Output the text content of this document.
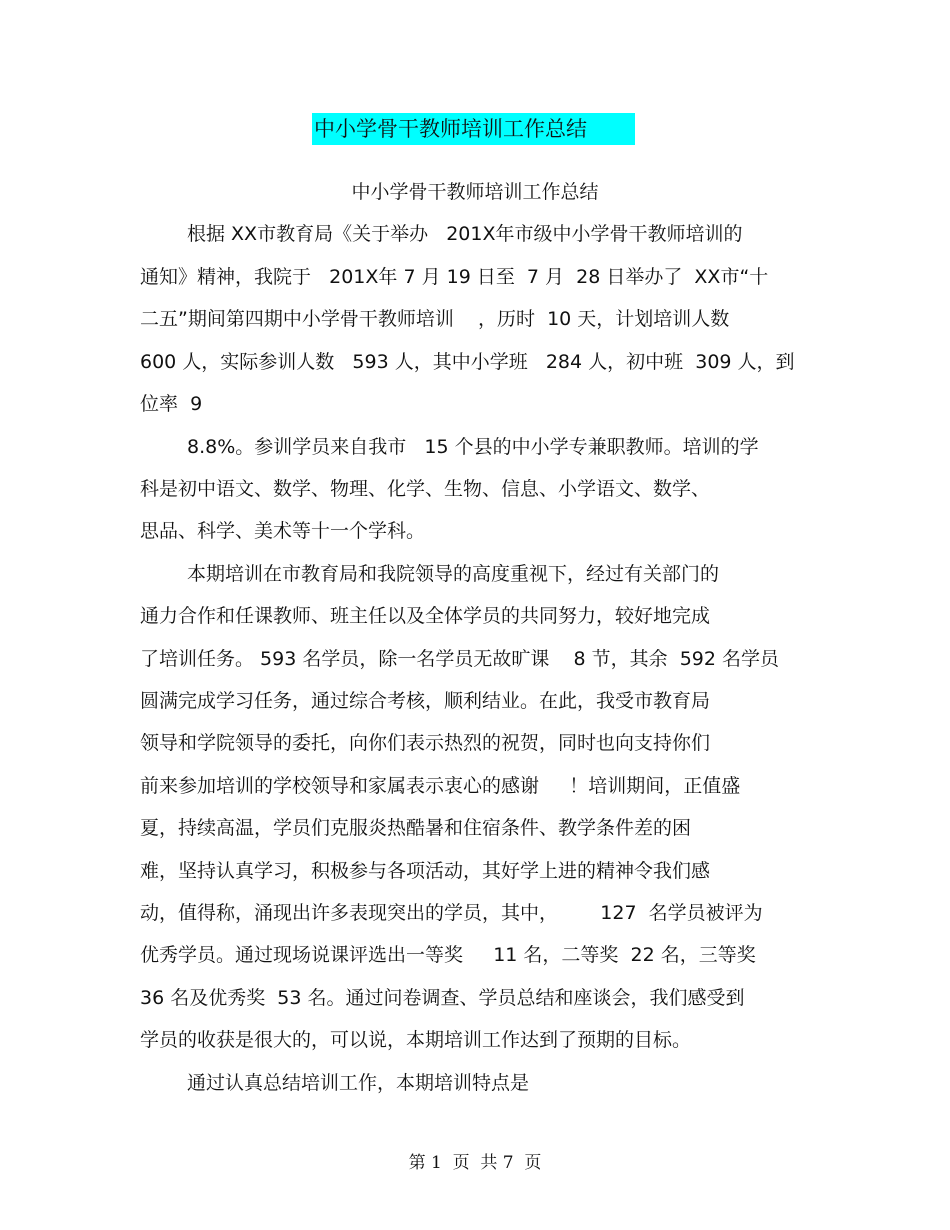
中小学骨干教师培训工作总结
中小学骨干教师培训工作总结
根据 XX市教育局《关于举办   201X年市级中小学骨干教师培训的
通知》精神，我院于   201X年 7 月 19 日至  7 月  28 日举办了  XX市“十
二五”期间第四期中小学骨干教师培训    ，历时  10 天，计划培训人数
600 人，实际参训人数   593 人，其中小学班   284 人，初中班  309 人，到
位率  9
8.8%。参训学员来自我市   15 个县的中小学专兼职教师。培训的学
科是初中语文、数学、物理、化学、生物、信息、小学语文、数学、
思品、科学、美术等十一个学科。
本期培训在市教育局和我院领导的高度重视下，经过有关部门的
通力合作和任课教师、班主任以及全体学员的共同努力，较好地完成
了培训任务。 593 名学员，除一名学员无故旷课    8 节，其余  592 名学员
圆满完成学习任务，通过综合考核，顺利结业。在此，我受市教育局
领导和学院领导的委托，向你们表示热烈的祝贺，同时也向支持你们
前来参加培训的学校领导和家属表示衷心的感谢     ！培训期间，正值盛
夏，持续高温，学员们克服炎热酷暑和住宿条件、教学条件差的困
难，坚持认真学习，积极参与各项活动，其好学上进的精神令我们感
动，值得称，涌现出许多表现突出的学员，其中，       127  名学员被评为
优秀学员。通过现场说课评选出一等奖     11 名，二等奖  22 名，三等奖
36 名及优秀奖  53 名。通过问卷调查、学员总结和座谈会，我们感受到
学员的收获是很大的，可以说，本期培训工作达到了预期的目标。
通过认真总结培训工作，本期培训特点是
第 1  页  共 7  页
